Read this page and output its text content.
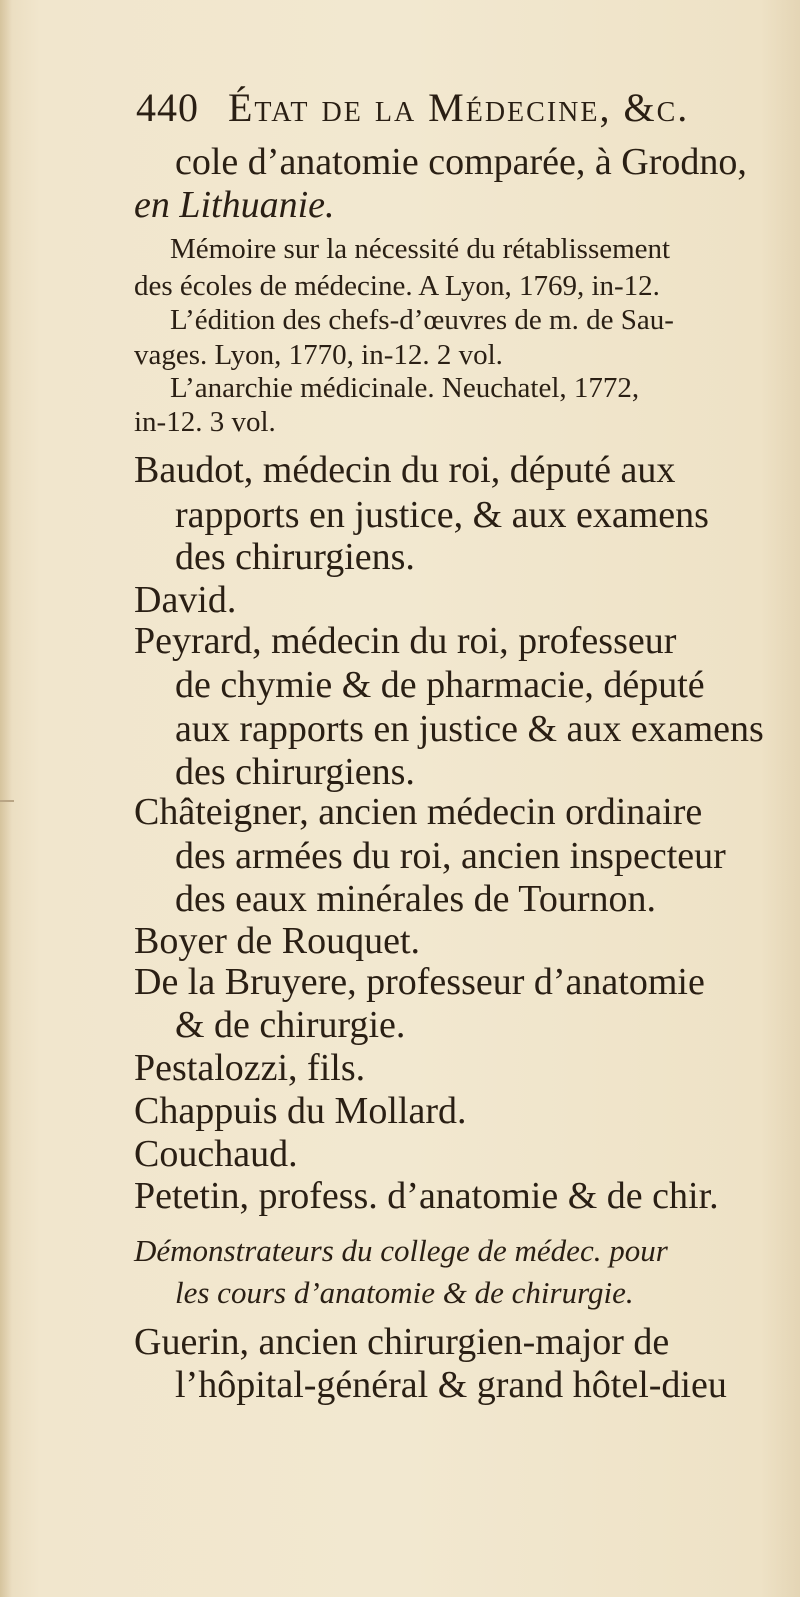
440 État de la Médecine, &c.
cole d’anatomie comparée, à Grodno,
en Lithuanie.
Mémoire sur la nécessité du rétablissement
des écoles de médecine. A Lyon, 1769, in-12.
L’édition des chefs-d’œuvres de m. de Sau-
vages. Lyon, 1770, in-12. 2 vol.
L’anarchie médicinale. Neuchatel, 1772,
in-12. 3 vol.
Baudot, médecin du roi, député aux
rapports en justice, & aux examens
des chirurgiens.
David.
Peyrard, médecin du roi, professeur
de chymie & de pharmacie, député
aux rapports en justice & aux examens
des chirurgiens.
Châteigner, ancien médecin ordinaire
des armées du roi, ancien inspecteur
des eaux minérales de Tournon.
Boyer de Rouquet.
De la Bruyere, professeur d’anatomie
& de chirurgie.
Pestalozzi, fils.
Chappuis du Mollard.
Couchaud.
Petetin, profess. d’anatomie & de chir.
Démonstrateurs du college de médec. pour
les cours d’anatomie & de chirurgie.
Guerin, ancien chirurgien-major de
l’hôpital-général & grand hôtel-dieu
